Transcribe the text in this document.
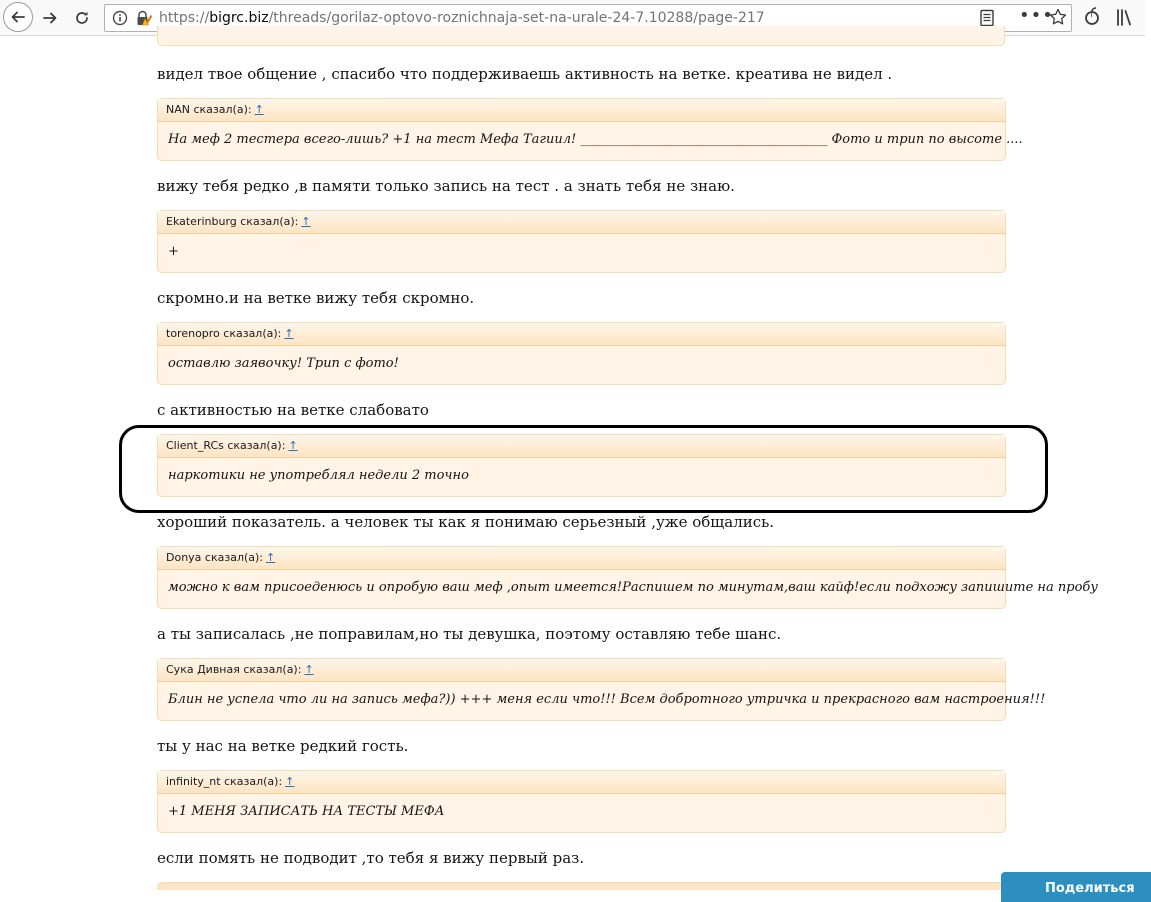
https://bigrc.biz/threads/gorilaz-optovo-roznichnaja-set-na-urale-24-7.10288/page-217	•••
видел твое общение , спасибо что поддерживаешь активность на ветке. креатива не видел .
NAN сказал(а): ↑
На меф 2 тестера всего-лишь? +1 на тест Мефа Тагиил! ______________________________________ Фото и трип по высоте ....
вижу тебя редко ,в памяти только запись на тест . а знать тебя не знаю.
Ekaterinburg сказал(а): ↑
+
скромно.и на ветке вижу тебя скромно.
torenopro сказал(а): ↑
оставлю заявочку! Трип с фото!
с активностью на ветке слабовато
Client_RCs сказал(а): ↑
наркотики не употреблял недели 2 точно
хороший показатель. а человек ты как я понимаю серьезный ,уже общались.
Donya сказал(а): ↑
можно к вам присоеденюсь и опробую ваш меф ,опыт имеется!Распишем по минутам,ваш кайф!если подхожу запишите на пробу
а ты записалась ,не поправилам,но ты девушка, поэтому оставляю тебе шанс.
Сука Дивная сказал(а): ↑
Блин не успела что ли на запись мефа?)) +++ меня если что!!! Всем добротного утричка и прекрасного вам настроения!!!
ты у нас на ветке редкий гость.
infinity_nt сказал(а): ↑
+1 МЕНЯ ЗАПИСАТЬ НА ТЕСТЫ МЕФА
если помять не подводит ,то тебя я вижу первый раз.
Поделиться
